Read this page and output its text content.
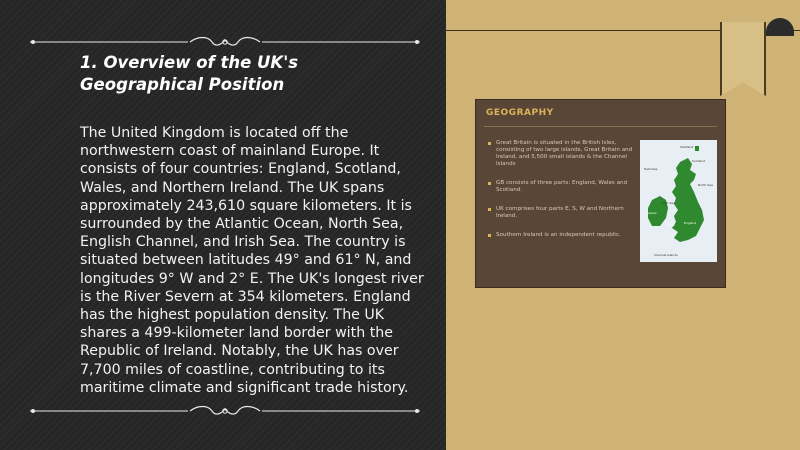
1. Overview of the UK's Geographical Position

The United Kingdom is located off the northwestern coast of mainland Europe. It consists of four countries: England, Scotland, Wales, and Northern Ireland. The UK spans approximately 243,610 square kilometers. It is surrounded by the Atlantic Ocean, North Sea, English Channel, and Irish Sea. The country is situated between latitudes 49° and 61° N, and longitudes 9° W and 2° E. The UK's longest river is the River Severn at 354 kilometers. England has the highest population density. The UK shares a 499-kilometer land border with the Republic of Ireland. Notably, the UK has over 7,700 miles of coastline, contributing to its maritime climate and significant trade history.

GEOGRAPHY
Great Britain is situated in the British Isles, consisting of two large islands, Great Britain and Ireland, and 5,500 small islands & the Channel Islands
GB consists of three parts: England, Wales and Scotland.
UK comprises four parts E, S, W and Northern Ireland.
Southern Ireland is an independent republic.
Shetland
Scotland
North Sea
Hebrides
Ireland
Wales	England
Irish Sea
Channel Islands
